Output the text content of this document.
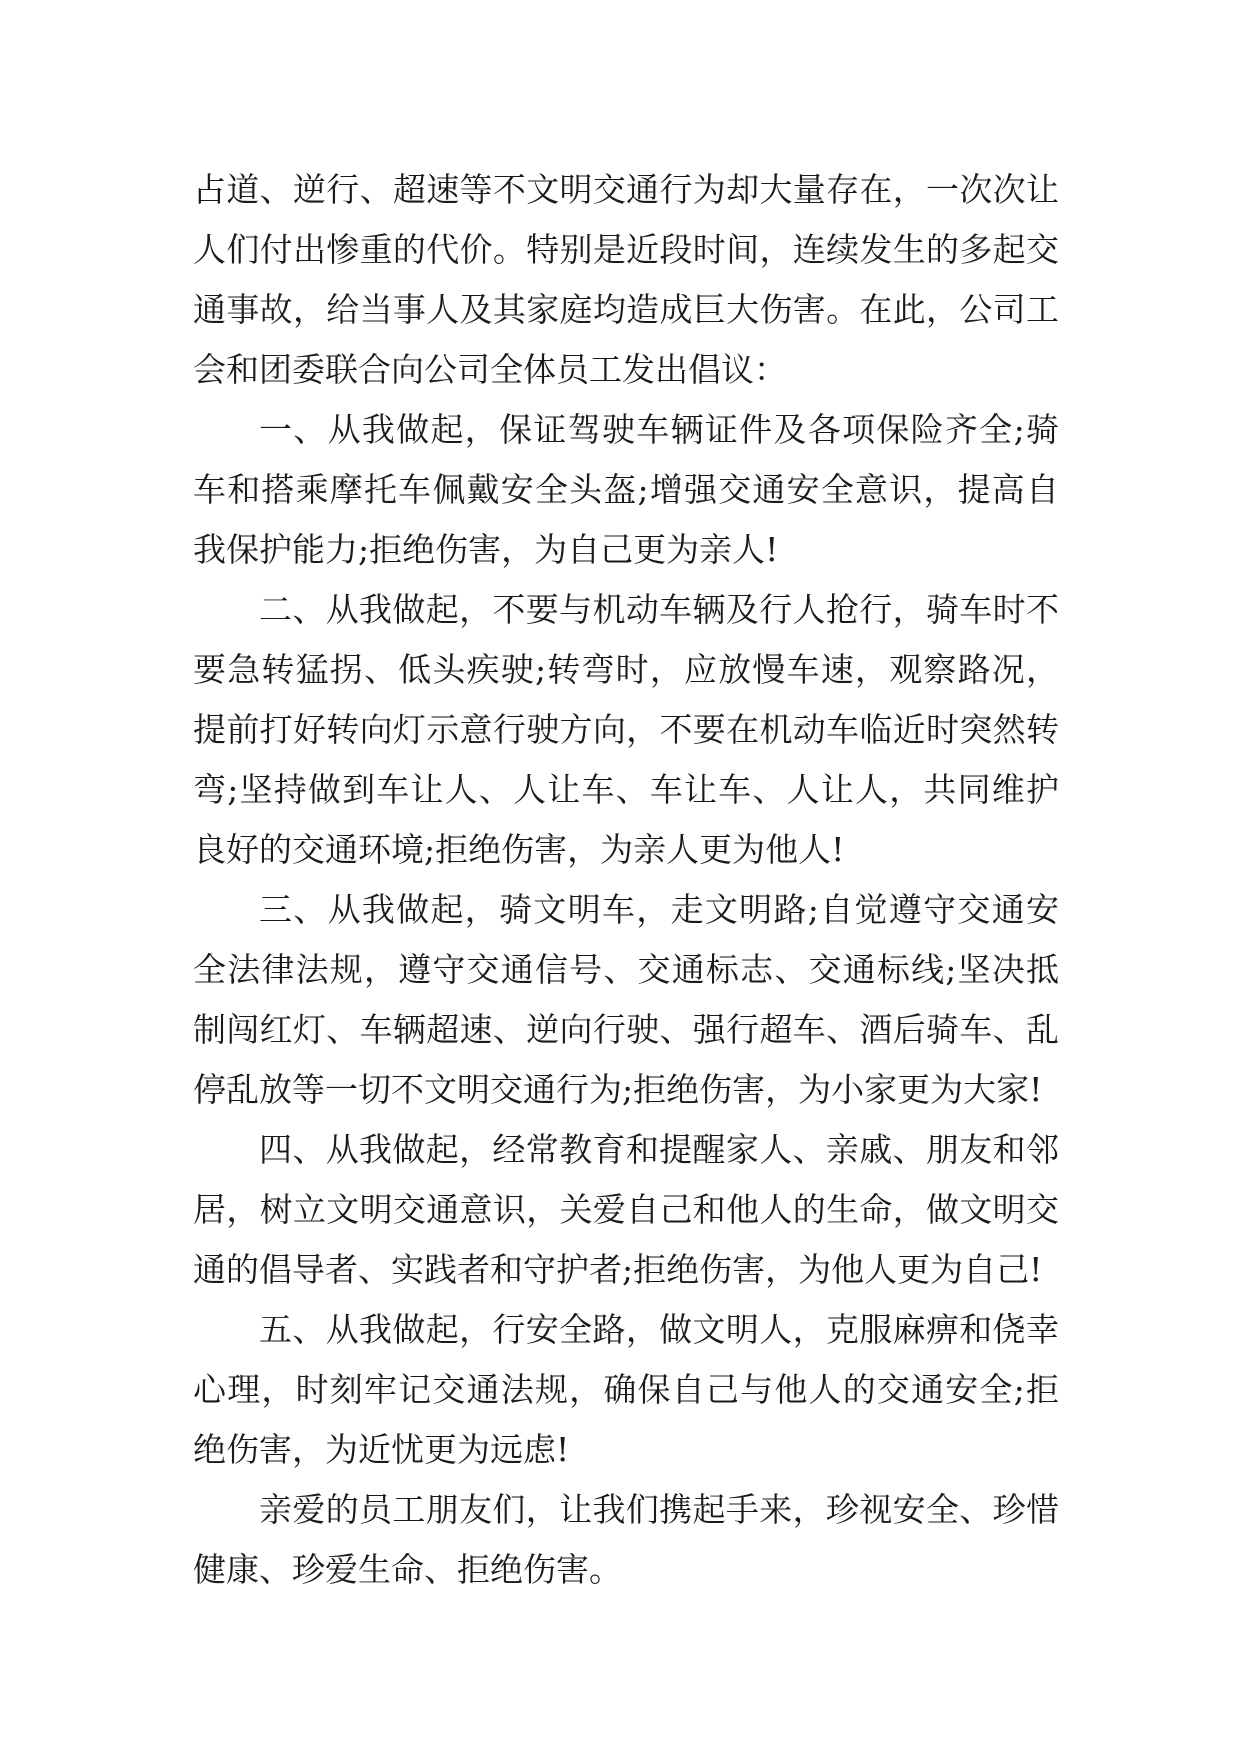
占道、逆行、超速等不文明交通行为却大量存在，一次次让人们付出惨重的代价。特别是近段时间，连续发生的多起交通事故，给当事人及其家庭均造成巨大伤害。在此，公司工会和团委联合向公司全体员工发出倡议：

一、从我做起，保证驾驶车辆证件及各项保险齐全;骑车和搭乘摩托车佩戴安全头盔;增强交通安全意识，提高自我保护能力;拒绝伤害，为自己更为亲人!

二、从我做起，不要与机动车辆及行人抢行，骑车时不要急转猛拐、低头疾驶;转弯时，应放慢车速，观察路况，提前打好转向灯示意行驶方向，不要在机动车临近时突然转弯;坚持做到车让人、人让车、车让车、人让人，共同维护良好的交通环境;拒绝伤害，为亲人更为他人!

三、从我做起，骑文明车，走文明路;自觉遵守交通安全法律法规，遵守交通信号、交通标志、交通标线;坚决抵制闯红灯、车辆超速、逆向行驶、强行超车、酒后骑车、乱停乱放等一切不文明交通行为;拒绝伤害，为小家更为大家!

四、从我做起，经常教育和提醒家人、亲戚、朋友和邻居，树立文明交通意识，关爱自己和他人的生命，做文明交通的倡导者、实践者和守护者;拒绝伤害，为他人更为自己!

五、从我做起，行安全路，做文明人，克服麻痹和侥幸心理，时刻牢记交通法规，确保自己与他人的交通安全;拒绝伤害，为近忧更为远虑!

亲爱的员工朋友们，让我们携起手来，珍视安全、珍惜健康、珍爱生命、拒绝伤害。
